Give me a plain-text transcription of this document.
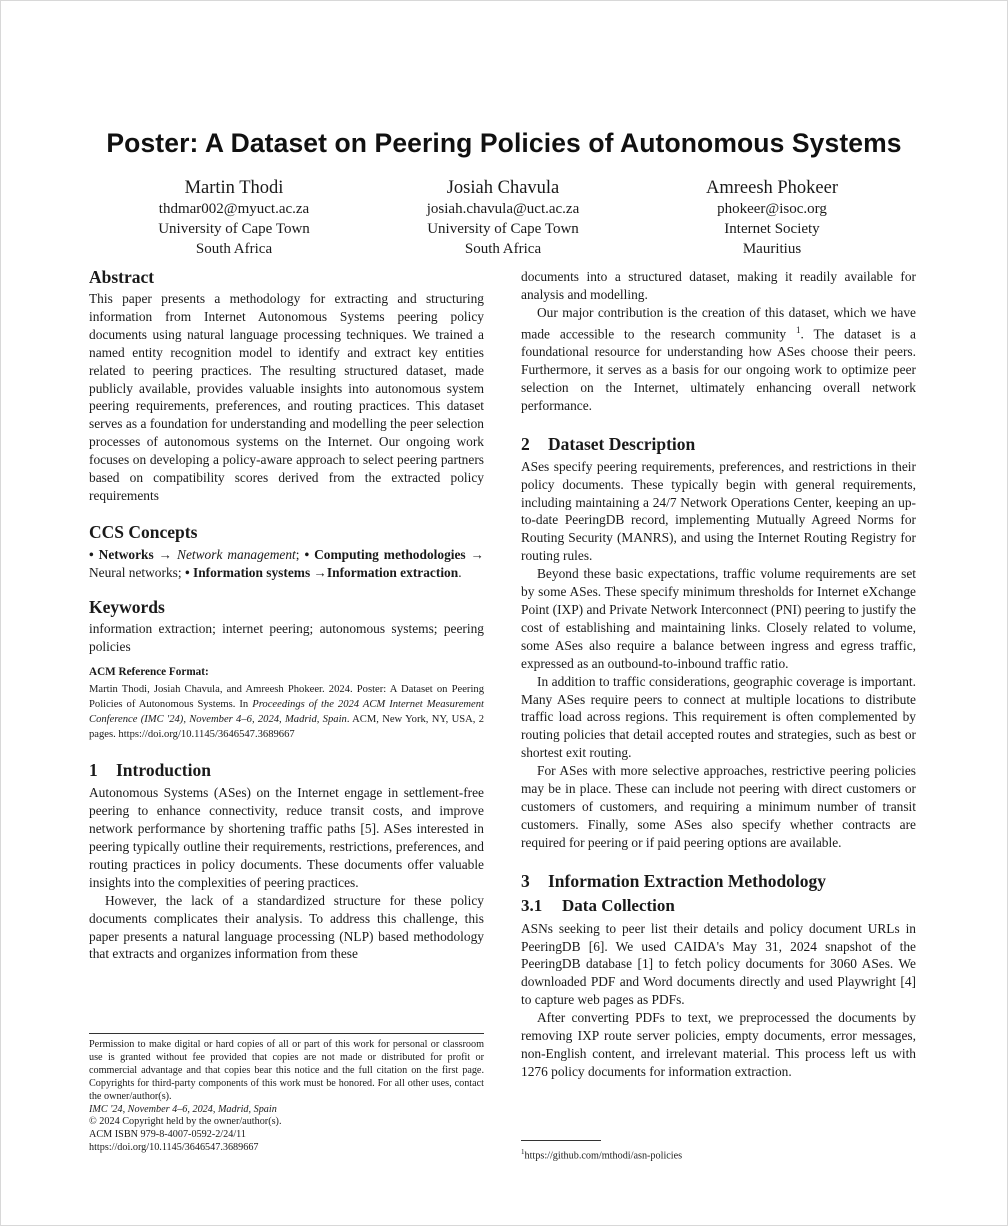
Poster: A Dataset on Peering Policies of Autonomous Systems
Martin Thodi
thdmar002@myuct.ac.za
University of Cape Town
South Africa
Josiah Chavula
josiah.chavula@uct.ac.za
University of Cape Town
South Africa
Amreesh Phokeer
phokeer@isoc.org
Internet Society
Mauritius
Abstract

This paper presents a methodology for extracting and structuring information from Internet Autonomous Systems peering policy documents using natural language processing techniques. We trained a named entity recognition model to identify and extract key entities related to peering practices. The resulting structured dataset, made publicly available, provides valuable insights into autonomous system peering requirements, preferences, and routing practices. This dataset serves as a foundation for understanding and modelling the peer selection processes of autonomous systems on the Internet. Our ongoing work focuses on developing a policy-aware approach to select peering partners based on compatibility scores derived from the extracted policy requirements

CCS Concepts

• Networks → Network management; • Computing methodologies → Neural networks; • Information systems →Information extraction.

Keywords

information extraction; internet peering; autonomous systems; peering policies

ACM Reference Format:

Martin Thodi, Josiah Chavula, and Amreesh Phokeer. 2024. Poster: A Dataset on Peering Policies of Autonomous Systems. In Proceedings of the 2024 ACM Internet Measurement Conference (IMC '24), November 4–6, 2024, Madrid, Spain. ACM, New York, NY, USA, 2 pages. https://doi.org/10.1145/3646547.3689667

1 Introduction

Autonomous Systems (ASes) on the Internet engage in settlement-free peering to enhance connectivity, reduce transit costs, and improve network performance by shortening traffic paths [5]. ASes interested in peering typically outline their requirements, restrictions, preferences, and routing practices in policy documents. These documents offer valuable insights into the complexities of peering practices.

However, the lack of a standardized structure for these policy documents complicates their analysis. To address this challenge, this paper presents a natural language processing (NLP) based methodology that extracts and organizes information from these

Permission to make digital or hard copies of all or part of this work for personal or classroom use is granted without fee provided that copies are not made or distributed for profit or commercial advantage and that copies bear this notice and the full citation on the first page. Copyrights for third-party components of this work must be honored. For all other uses, contact the owner/author(s).

IMC '24, November 4–6, 2024, Madrid, Spain

© 2024 Copyright held by the owner/author(s).

ACM ISBN 979-8-4007-0592-2/24/11

https://doi.org/10.1145/3646547.3689667

documents into a structured dataset, making it readily available for analysis and modelling.

Our major contribution is the creation of this dataset, which we have made accessible to the research community $^1$. The dataset is a foundational resource for understanding how ASes choose their peers. Furthermore, it serves as a basis for our ongoing work to optimize peer selection on the Internet, ultimately enhancing overall network performance.

2 Dataset Description

ASes specify peering requirements, preferences, and restrictions in their policy documents. These typically begin with general requirements, including maintaining a 24/7 Network Operations Center, keeping an up-to-date PeeringDB record, implementing Mutually Agreed Norms for Routing Security (MANRS), and using the Internet Routing Registry for routing rules.

Beyond these basic expectations, traffic volume requirements are set by some ASes. These specify minimum thresholds for Internet eXchange Point (IXP) and Private Network Interconnect (PNI) peering to justify the cost of establishing and maintaining links. Closely related to volume, some ASes also require a balance between ingress and egress traffic, expressed as an outbound-to-inbound traffic ratio.

In addition to traffic considerations, geographic coverage is important. Many ASes require peers to connect at multiple locations to distribute traffic load across regions. This requirement is often complemented by routing policies that detail accepted routes and strategies, such as best or shortest exit routing.

For ASes with more selective approaches, restrictive peering policies may be in place. These can include not peering with direct customers or customers of customers, and requiring a minimum number of transit customers. Finally, some ASes also specify whether contracts are required for peering or if paid peering options are available.

3 Information Extraction Methodology
3.1 Data Collection

ASNs seeking to peer list their details and policy document URLs in PeeringDB [6]. We used CAIDA's May 31, 2024 snapshot of the PeeringDB database [1] to fetch policy documents for 3060 ASes. We downloaded PDF and Word documents directly and used Playwright [4] to capture web pages as PDFs.

After converting PDFs to text, we preprocessed the documents by removing IXP route server policies, empty documents, error messages, non-English content, and irrelevant material. This process left us with 1276 policy documents for information extraction.

$^1$https://github.com/mthodi/asn-policies
